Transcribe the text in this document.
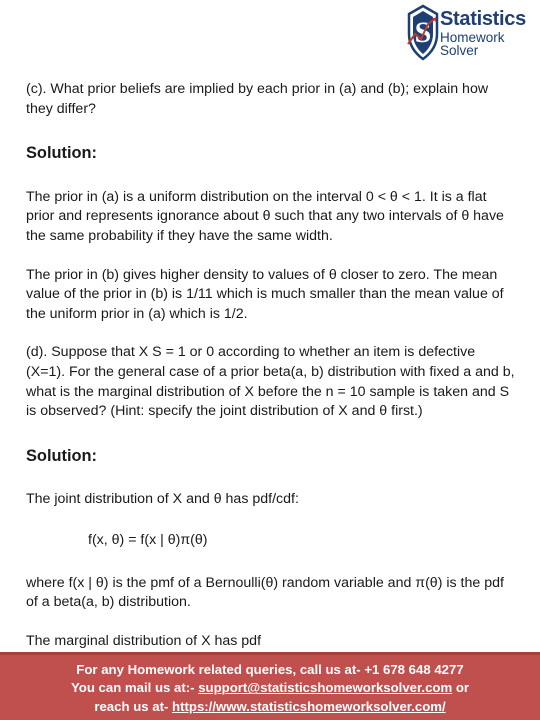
S Statistics
Homework Solver

(c). What prior beliefs are implied by each prior in (a) and (b); explain how they differ?

Solution:

The prior in (a) is a uniform distribution on the interval 0 < θ < 1. It is a flat prior and represents ignorance about θ such that any two intervals of θ have the same probability if they have the same width.

The prior in (b) gives higher density to values of θ closer to zero. The mean value of the prior in (b) is 1/11 which is much smaller than the mean value of the uniform prior in (a) which is 1/2.

(d). Suppose that X S = 1 or 0 according to whether an item is defective (X=1). For the general case of a prior beta(a, b) distribution with fixed a and b, what is the marginal distribution of X before the n = 10 sample is taken and S is observed? (Hint: specify the joint distribution of X and θ first.)

Solution:

The joint distribution of X and θ has pdf/cdf:

f(x, θ) = f(x | θ)π(θ)

where f(x | θ) is the pmf of a Bernoulli(θ) random variable and π(θ) is the pdf of a beta(a, b) distribution.

The marginal distribution of X has pdf

For any Homework related queries, call us at- +1 678 648 4277
You can mail us at:- support@statisticshomeworksolver.com or
reach us at- https://www.statisticshomeworksolver.com/
